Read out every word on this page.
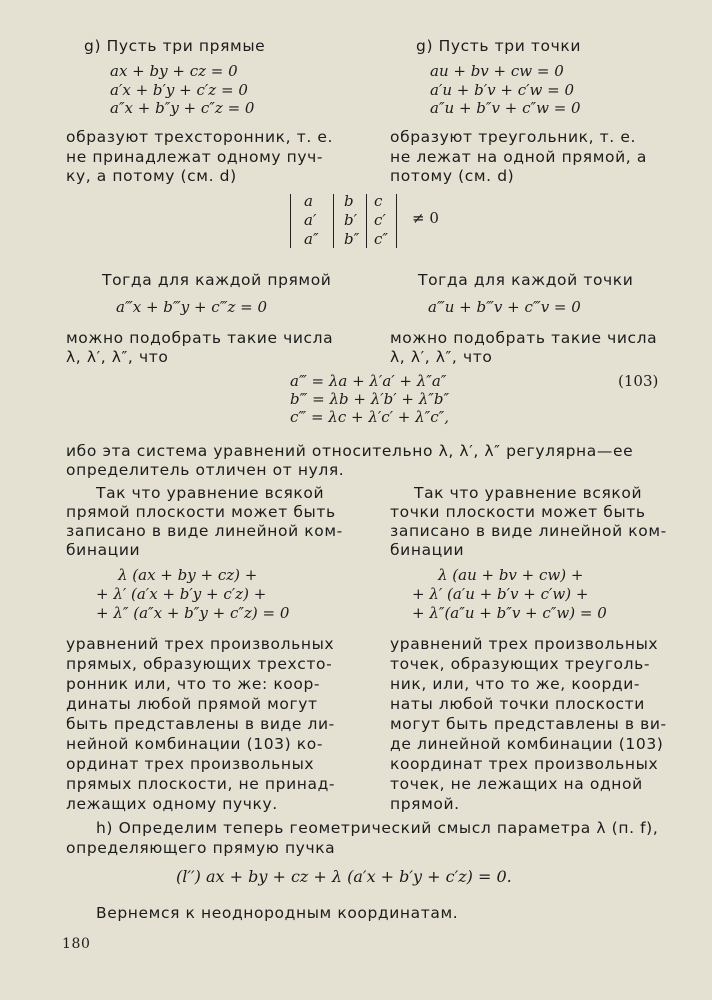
g) Пусть три прямые
ax + by + cz = 0
a′x + b′y + c′z = 0
a″x + b″y + c″z = 0
образуют трехсторонник, т. е.
не принадлежат одному пуч-
ку, а потому (см. d)
g) Пусть три точки
au + bv + cw = 0
a′u + b′v + c′w = 0
a″u + b″v + c″w = 0
образуют треугольник, т. е.
не лежат на одной прямой, а
потому (см. d)
a
a′
a″
b
b′
b″
c
c′
c″
≠ 0
Тогда для каждой прямой
a‴x + b‴y + c‴z = 0
можно подобрать такие числа
λ, λ′, λ″, что
Тогда для каждой точки
a‴u + b‴v + c‴v = 0
можно подобрать такие числа
λ, λ′, λ″, что
a‴ = λa + λ′a′ + λ″a″
b‴ = λb + λ′b′ + λ″b″
c‴ = λc + λ′c′ + λ″c″,
(103)
ибо эта система уравнений относительно λ, λ′, λ″ регулярна—ее
определитель отличен от нуля.
Так что уравнение всякой
прямой плоскости может быть
записано в виде линейной ком-
бинации
λ (ax + by + cz) +
+ λ′ (a′x + b′y + c′z) +
+ λ″ (a″x + b″y + c″z) = 0
уравнений трех произвольных
прямых, образующих трехсто-
ронник или, что то же: коор-
динаты любой прямой могут
быть представлены в виде ли-
нейной комбинации (103) ко-
ординат трех произвольных
прямых плоскости, не принад-
лежащих одному пучку.
Так что уравнение всякой
точки плоскости может быть
записано в виде линейной ком-
бинации
λ (au + bv + cw) +
+ λ′ (a′u + b′v + c′w) +
+ λ″(a″u + b″v + c″w) = 0
уравнений трех произвольных
точек, образующих треуголь-
ник, или, что то же, коорди-
наты любой точки плоскости
могут быть представлены в ви-
де линейной комбинации (103)
координат трех произвольных
точек, не лежащих на одной
прямой.
h) Определим теперь геометрический смысл параметра λ (п. f),
определяющего прямую пучка
(l′′) ax + by + cz + λ (a′x + b′y + c′z) = 0.
Вернемся к неоднородным координатам.
180
